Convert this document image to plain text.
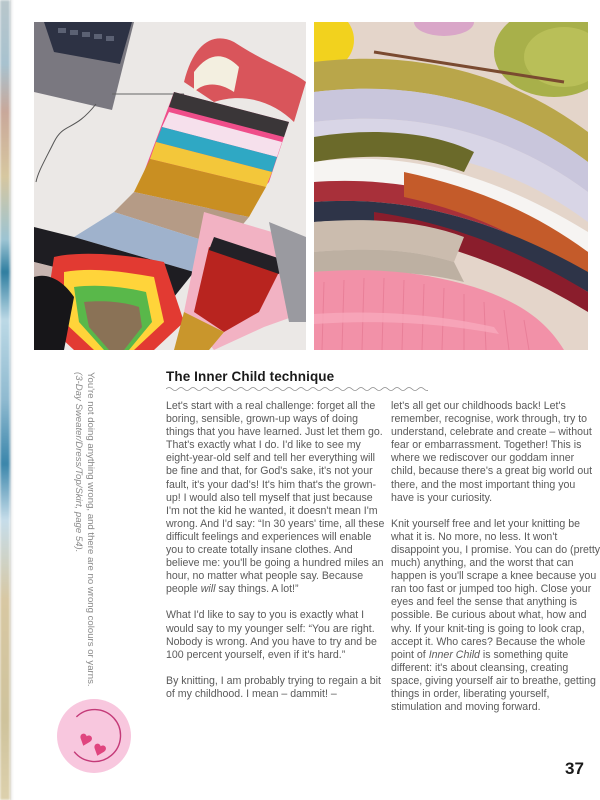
You're not doing anything wrong, and there are no wrong colours or yarns.
(3-Day Sweater/Dress/Top/Skirt, page 54).	The Inner Child technique

Let's start with a real challenge: forget all the boring, sensible, grown-up ways of doing things that you have learned. Just let them go. That's exactly what I do. I'd like to see my eight-year-old self and tell her everything will be fine and that, for God's sake, it's not your fault, it's your dad's! It's him that's the grown-up! I would also tell myself that just because I'm not the kid he wanted, it doesn't mean I'm wrong. And I'd say: “In 30 years' time, all these difficult feelings and experiences will enable you to create totally insane clothes. And believe me: you'll be going a hundred miles an hour, no matter what people say. Because people will say things. A lot!”

What I'd like to say to you is exactly what I would say to my younger self: “You are right. Nobody is wrong. And you have to try and be 100 percent yourself, even if it's hard.”

By knitting, I am probably trying to regain a bit of my childhood. I mean – dammit! –

let's all get our childhoods back! Let's remember, recognise, work through, try to understand, celebrate and create – without fear or embarrassment. Together! This is where we rediscover our goddam inner child, because there's a great big world out there, and the most important thing you have is your curiosity.

Knit yourself free and let your knitting be what it is. No more, no less. It won't disappoint you, I promise. You can do (pretty much) anything, and the worst that can happen is you'll scrape a knee because you ran too fast or jumped too high. Close your eyes and feel the sense that anything is possible. Be curious about what, how and why. If your knit-ting is going to look crap, accept it. Who cares? Because the whole point of Inner Child is something quite different: it's about cleansing, creating space, giving yourself air to breathe, getting things in order, liberating yourself, stimulation and moving forward.

37
